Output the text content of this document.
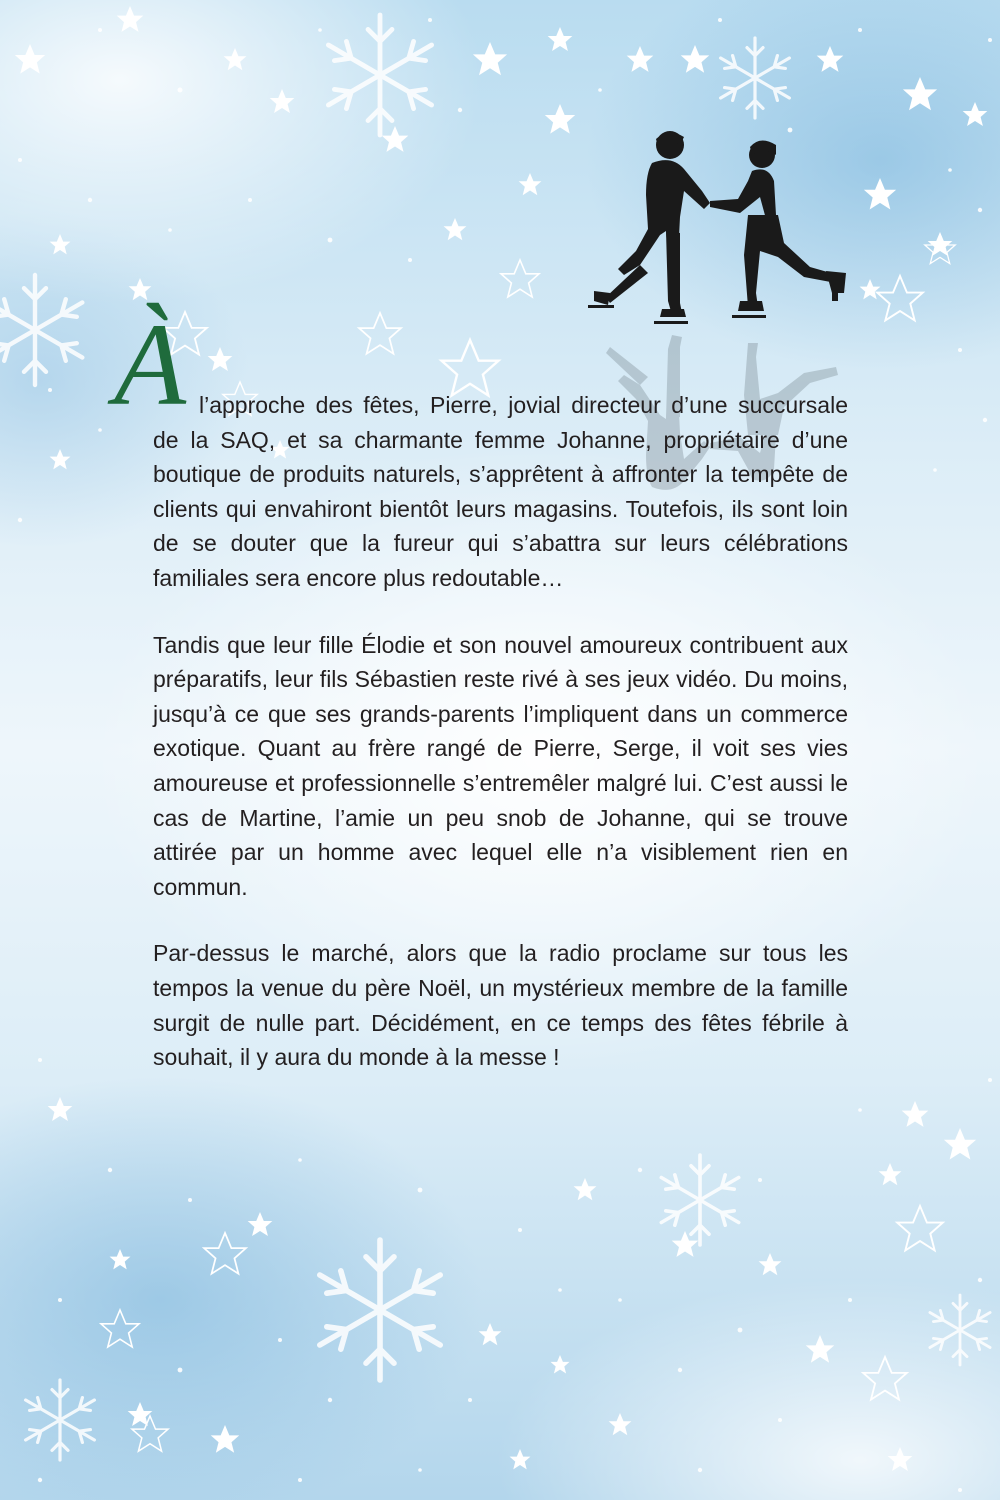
À l’approche des fêtes, Pierre, jovial directeur d’une succursale de la SAQ, et sa charmante femme Johanne, propriétaire d’une boutique de produits naturels, s’apprêtent à affronter la tempête de clients qui envahiront bientôt leurs magasins. Toutefois, ils sont loin de se douter que la fureur qui s’abattra sur leurs célébrations familiales sera encore plus redoutable…

Tandis que leur fille Élodie et son nouvel amoureux contribuent aux préparatifs, leur fils Sébastien reste rivé à ses jeux vidéo. Du moins, jusqu’à ce que ses grands-parents l’impliquent dans un commerce exotique. Quant au frère rangé de Pierre, Serge, il voit ses vies amoureuse et professionnelle s’entremêler malgré lui. C’est aussi le cas de Martine, l’amie un peu snob de Johanne, qui se trouve attirée par un homme avec lequel elle n’a visiblement rien en commun.

Par-dessus le marché, alors que la radio proclame sur tous les tempos la venue du père Noël, un mystérieux membre de la famille surgit de nulle part. Décidément, en ce temps des fêtes fébrile à souhait, il y aura du monde à la messe !
